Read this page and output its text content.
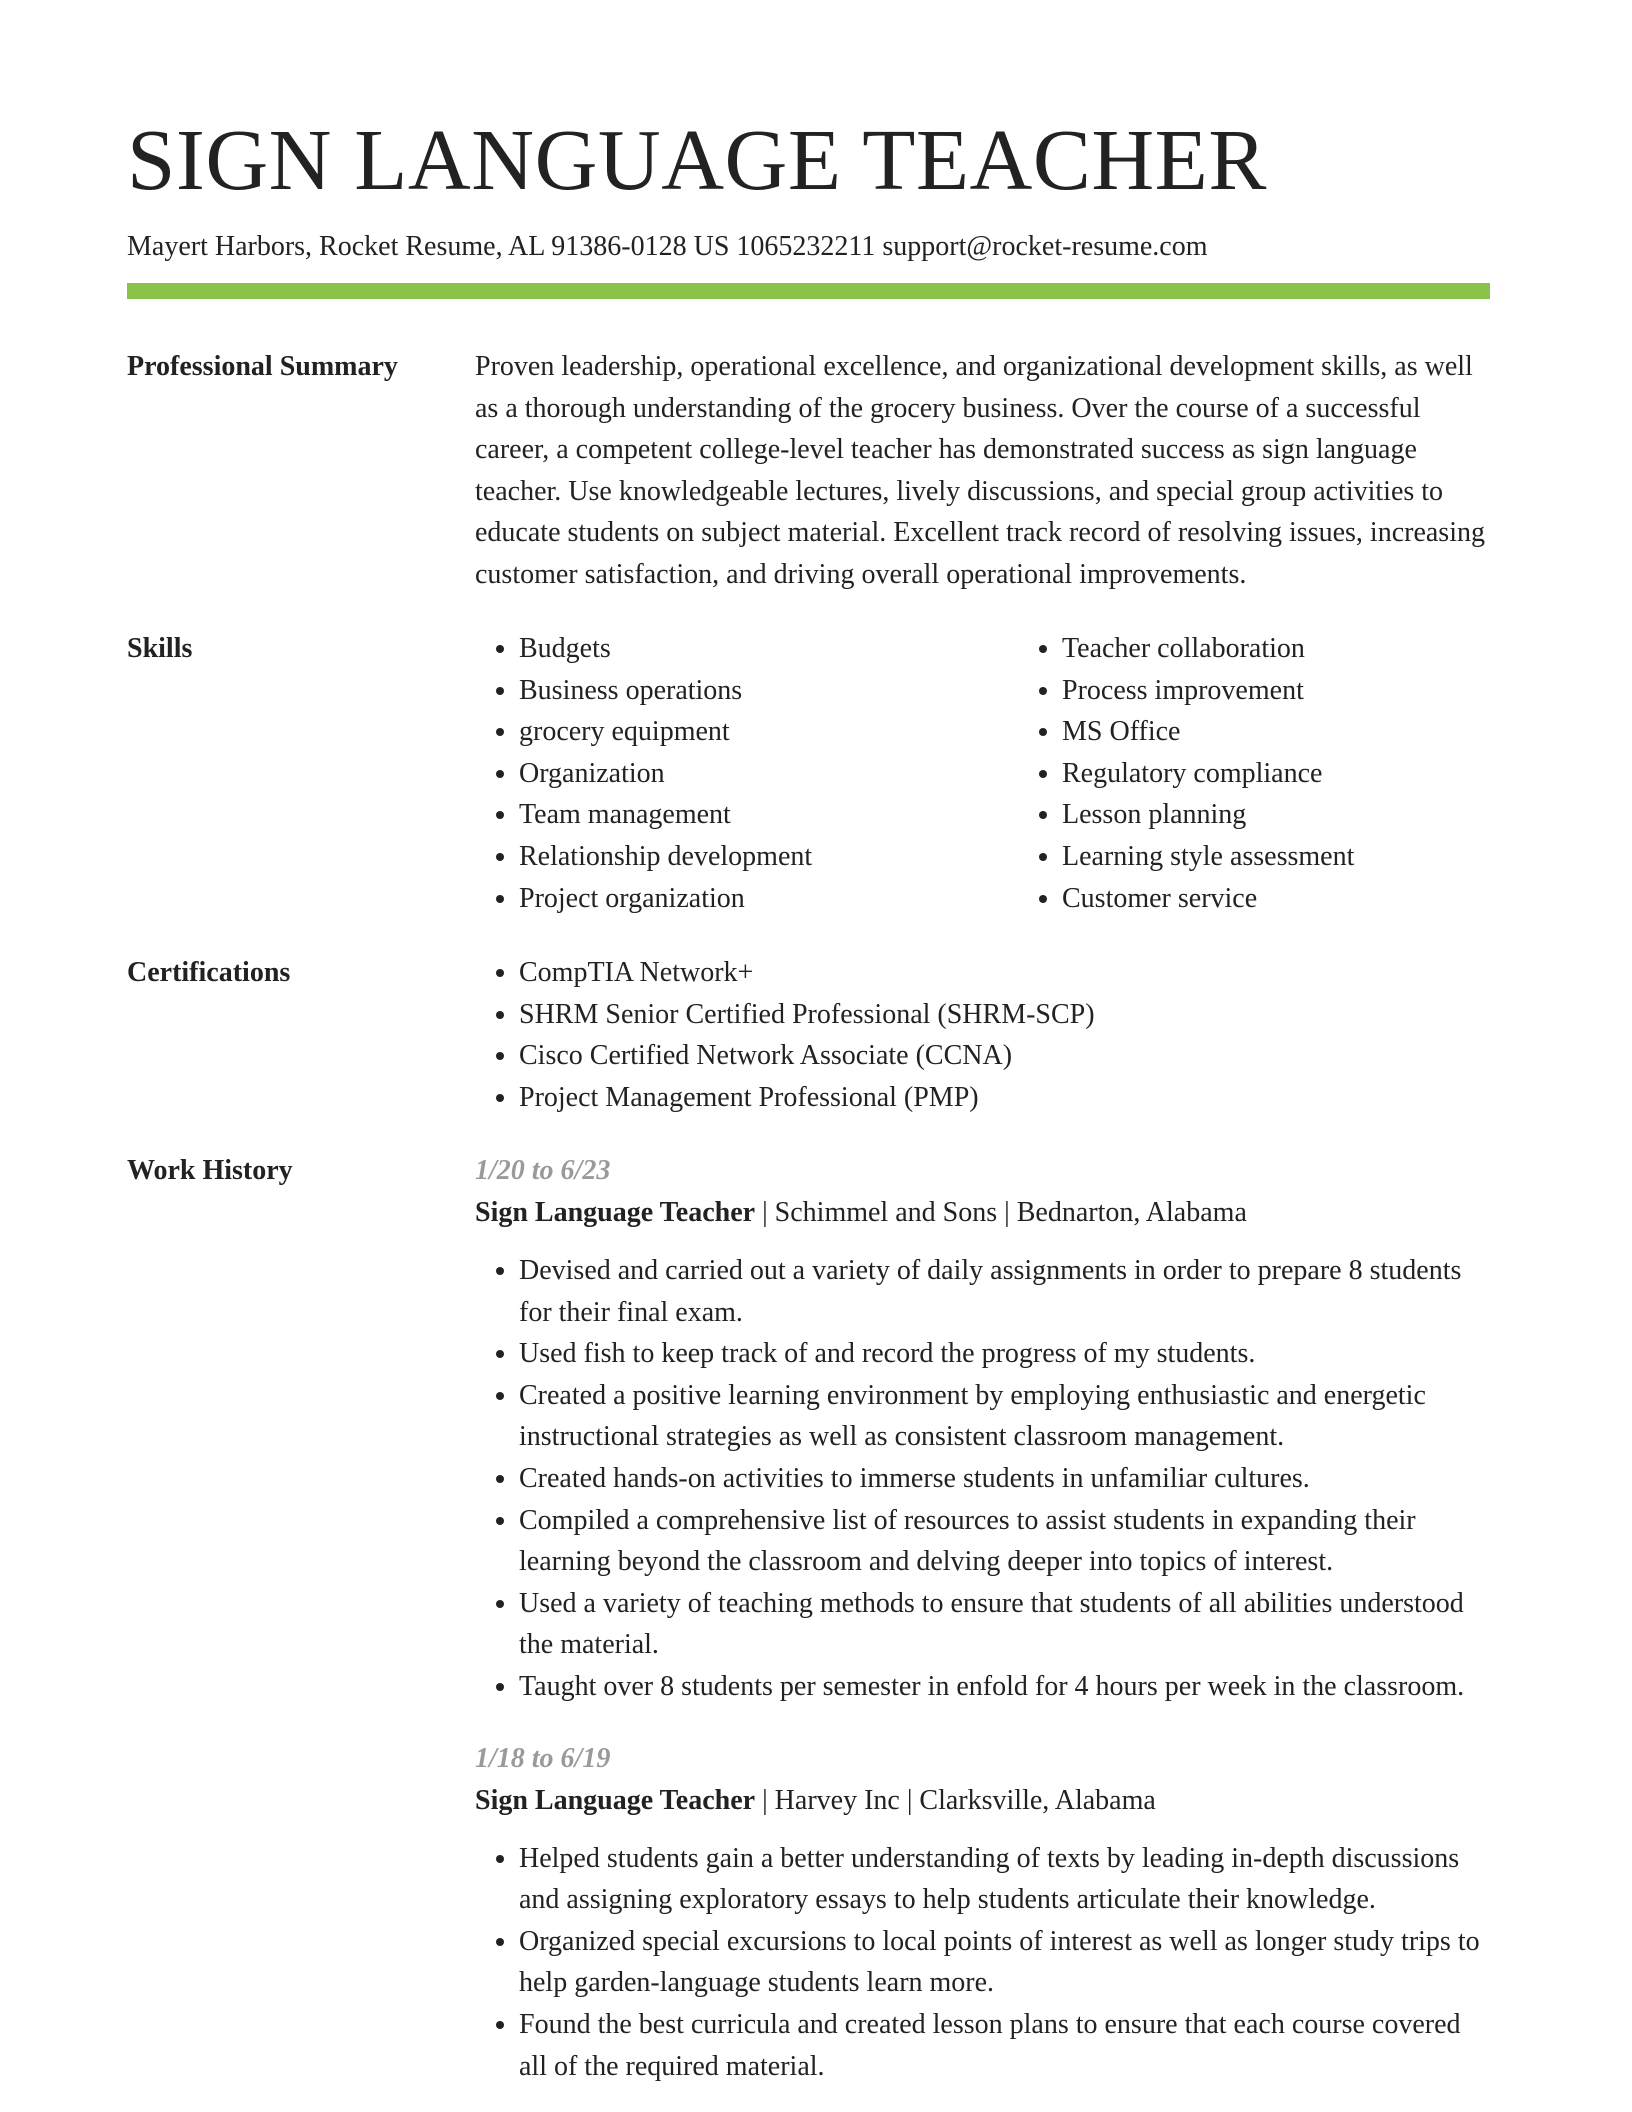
SIGN LANGUAGE TEACHER
Mayert Harbors, Rocket Resume, AL 91386-0128 US 1065232211 support@rocket-resume.com
Professional Summary	Proven leadership, operational excellence, and organizational development skills, as well as a thorough understanding of the grocery business. Over the course of a successful career, a competent college-level teacher has demonstrated success as sign language teacher. Use knowledgeable lectures, lively discussions, and special group activities to educate students on subject material. Excellent track record of resolving issues, increasing customer satisfaction, and driving overall operational improvements.

Skills	• Budgets
• Business operations
• grocery equipment
• Organization
• Team management
• Relationship development
• Project organization
• Teacher collaboration
• Process improvement
• MS Office
• Regulatory compliance
• Lesson planning
• Learning style assessment
• Customer service
Certifications	• CompTIA Network+
• SHRM Senior Certified Professional (SHRM-SCP)
• Cisco Certified Network Associate (CCNA)
• Project Management Professional (PMP)
Work History	1/20 to 6/23
Sign Language Teacher | Schimmel and Sons | Bednarton, Alabama
• Devised and carried out a variety of daily assignments in order to prepare 8 students for their final exam.
• Used fish to keep track of and record the progress of my students.
• Created a positive learning environment by employing enthusiastic and energetic instructional strategies as well as consistent classroom management.
• Created hands-on activities to immerse students in unfamiliar cultures.
• Compiled a comprehensive list of resources to assist students in expanding their learning beyond the classroom and delving deeper into topics of interest.
• Used a variety of teaching methods to ensure that students of all abilities understood the material.
• Taught over 8 students per semester in enfold for 4 hours per week in the classroom.
1/18 to 6/19
Sign Language Teacher | Harvey Inc | Clarksville, Alabama
• Helped students gain a better understanding of texts by leading in-depth discussions and assigning exploratory essays to help students articulate their knowledge.
• Organized special excursions to local points of interest as well as longer study trips to help garden-language students learn more.
• Found the best curricula and created lesson plans to ensure that each course covered all of the required material.
